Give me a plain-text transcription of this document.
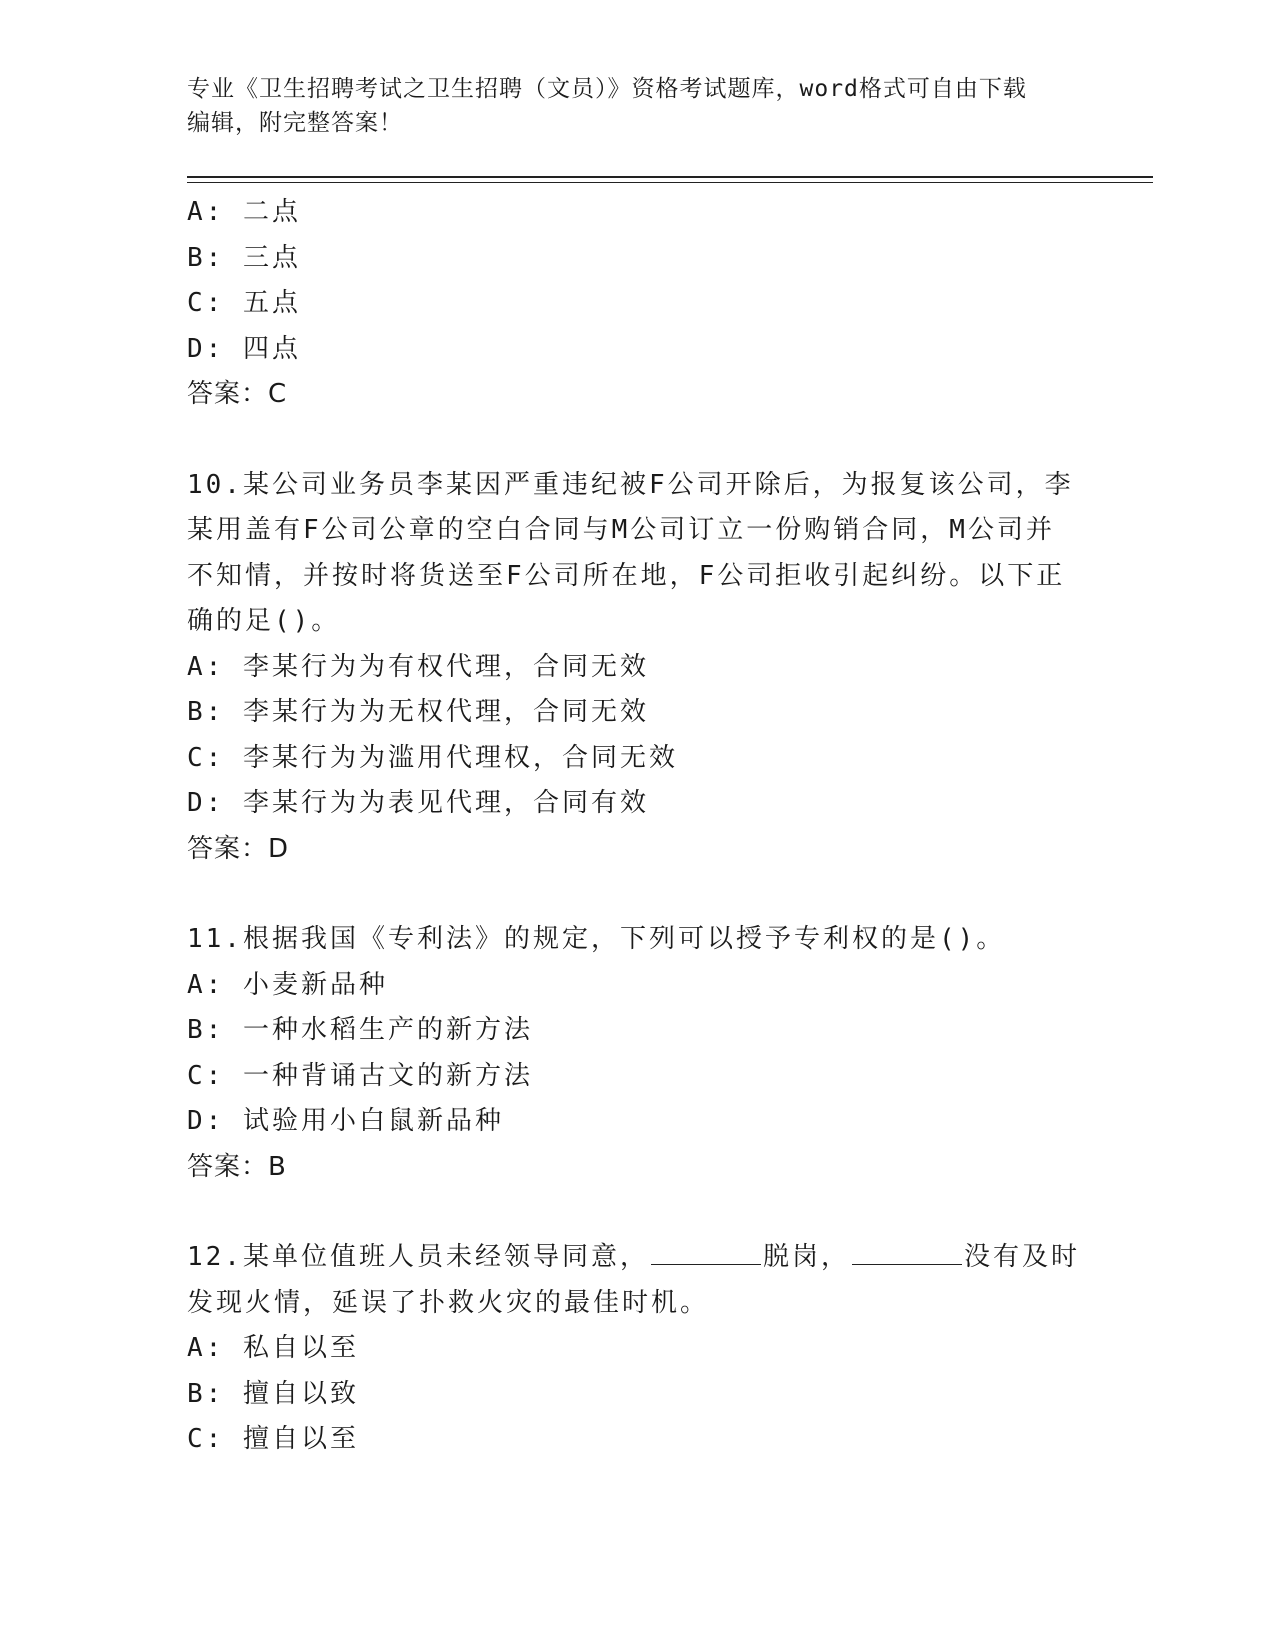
专业《卫生招聘考试之卫生招聘（文员）》资格考试题库，word格式可自由下载
编辑，附完整答案！
A: 二点
B: 三点
C: 五点
D: 四点
答案：C
10.某公司业务员李某因严重违纪被F公司开除后，为报复该公司，李
某用盖有F公司公章的空白合同与M公司订立一份购销合同，M公司并
不知情，并按时将货送至F公司所在地，F公司拒收引起纠纷。以下正
确的足()。
A: 李某行为为有权代理，合同无效
B: 李某行为为无权代理，合同无效
C: 李某行为为滥用代理权，合同无效
D: 李某行为为表见代理，合同有效
答案：D
11.根据我国《专利法》的规定，下列可以授予专利权的是()。
A: 小麦新品种
B: 一种水稻生产的新方法
C: 一种背诵古文的新方法
D: 试验用小白鼠新品种
答案：B
12.某单位值班人员未经领导同意，	脱岗，	没有及时
发现火情，延误了扑救火灾的最佳时机。
A: 私自以至
B: 擅自以致
C: 擅自以至
